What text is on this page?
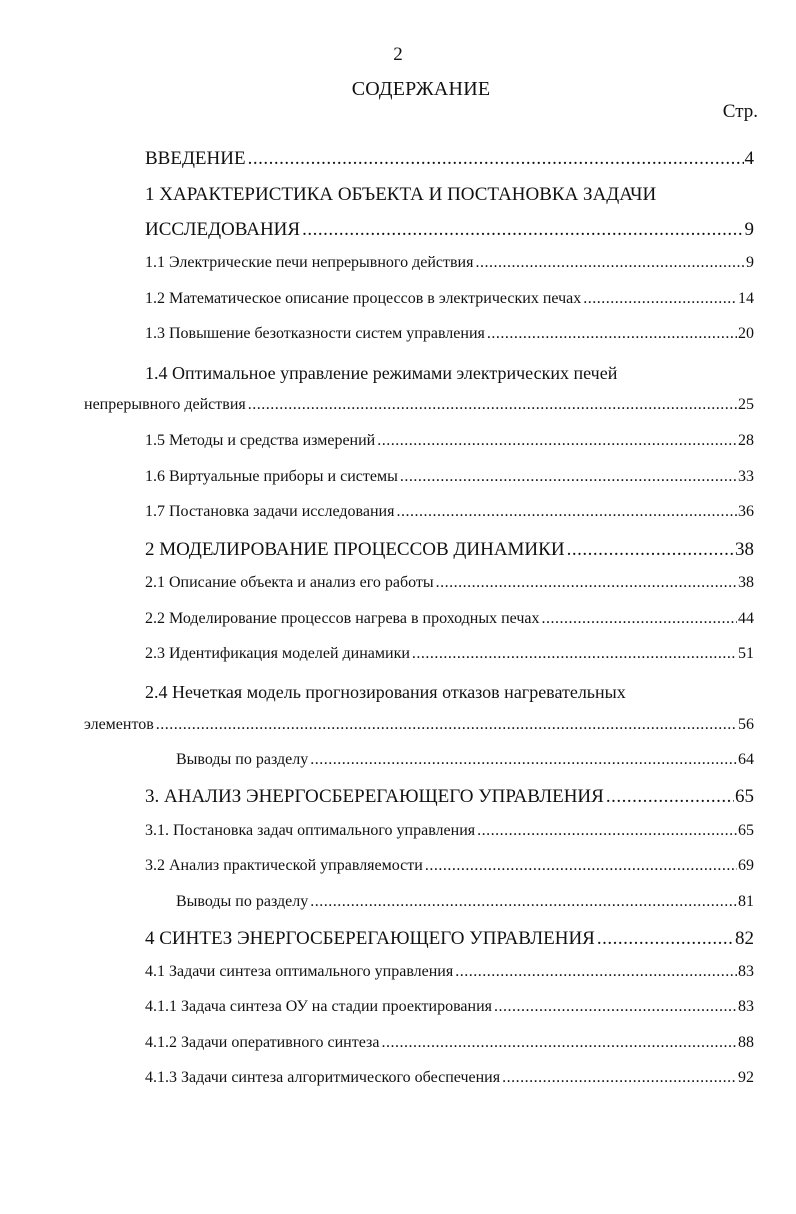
2
СОДЕРЖАНИЕ
Стр.
ВВЕДЕНИЕ .....	4
1 ХАРАКТЕРИСТИКА ОБЪЕКТА И ПОСТАНОВКА ЗАДАЧИ
ИССЛЕДОВАНИЯ .....	9
1.1 Электрические печи непрерывного действия .....	9
1.2 Математическое описание процессов в электрических печах .....	14
1.3 Повышение безотказности систем управления .....	20
1.4 Оптимальное управление режимами электрических печей
непрерывного действия .....	25
1.5 Методы и средства измерений .....	28
1.6 Виртуальные приборы и системы .....	33
1.7 Постановка задачи исследования .....	36
2 МОДЕЛИРОВАНИЕ ПРОЦЕССОВ ДИНАМИКИ .....	38
2.1 Описание объекта и анализ его работы .....	38
2.2 Моделирование процессов нагрева в проходных печах .....	44
2.3 Идентификация моделей динамики .....	51
2.4 Нечеткая модель прогнозирования отказов нагревательных
элементов .....	56
Выводы по разделу .....	64
3. АНАЛИЗ ЭНЕРГОСБЕРЕГАЮЩЕГО УПРАВЛЕНИЯ .....	65
3.1. Постановка задач оптимального управления .....	65
3.2 Анализ практической управляемости .....	69
Выводы по разделу .....	81
4 СИНТЕЗ ЭНЕРГОСБЕРЕГАЮЩЕГО УПРАВЛЕНИЯ .....	82
4.1 Задачи синтеза оптимального управления .....	83
4.1.1 Задача синтеза ОУ на стадии проектирования .....	83
4.1.2 Задачи оперативного синтеза .....	88
4.1.3 Задачи синтеза алгоритмического обеспечения .....	92
